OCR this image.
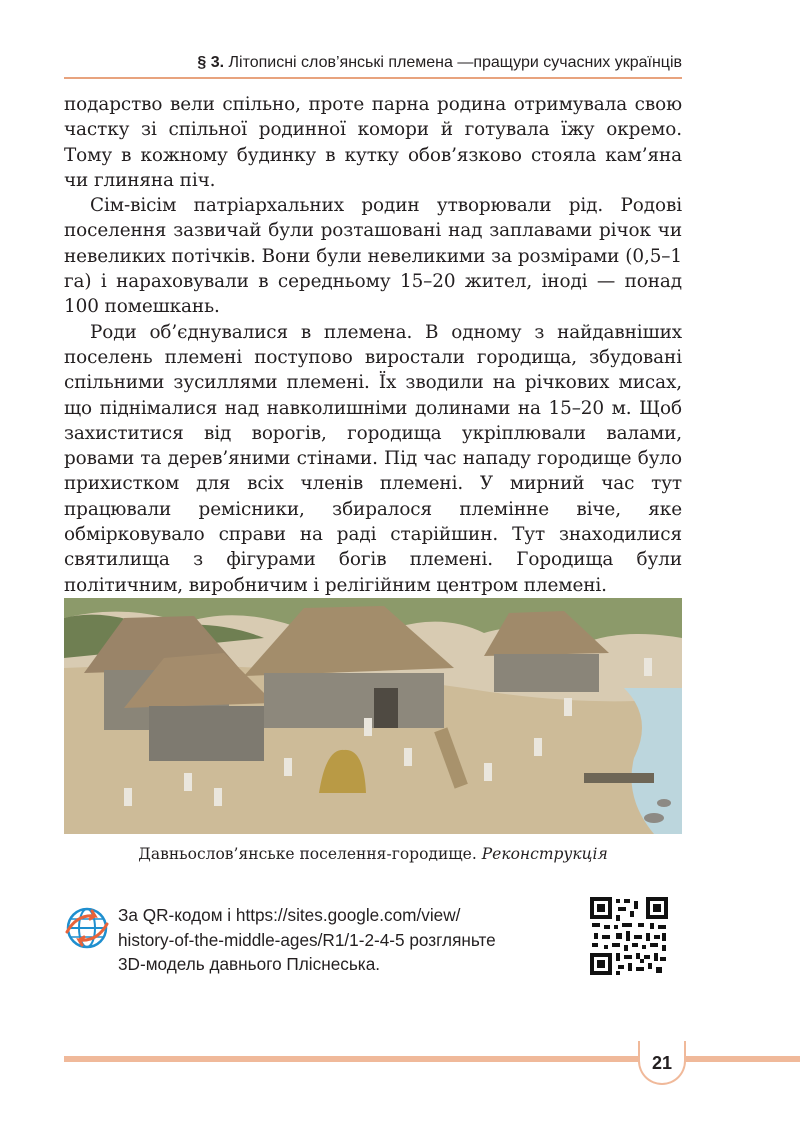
§ 3. Літописні слов’янські племена —пращури сучасних українців

подарство вели спільно, проте парна родина отримувала свою частку зі спільної родинної комори й готувала їжу окремо. Тому в кожному будинку в кутку обов’язково стояла кам’яна чи глиняна піч.

Сім-вісім патріархальних родин утворювали рід. Родові поселення зазвичай були розташовані над заплавами річок чи невеликих потічків. Вони були невеликими за розмірами (0,5–1 га) і нараховували в середньому 15–20 жител, іноді — понад 100 помешкань.

Роди об’єднувалися в племена. В одному з найдавніших поселень племені поступово виростали городища, збудовані спільними зусиллями племені. Їх зводили на річкових мисах, що піднімалися над навколишніми долинами на 15–20 м. Щоб захиститися від ворогів, городища укріплювали валами, ровами та дерев’яними стінами. Під час нападу городище було прихистком для всіх членів племені. У мирний час тут працювали ремісники, збиралося племінне віче, яке обмірковувало справи на раді старійшин. Тут знаходилися святилища з фігурами богів племені. Городища були політичним, виробничим і релігійним центром племені.

Давньослов’янське поселення-городище. Реконструкція
За QR-кодом і https://sites.google.com/view/
history-of-the-middle-ages/R1/1-2-4-5 розгляньте
3D-модель давнього Пліснеська.
21
